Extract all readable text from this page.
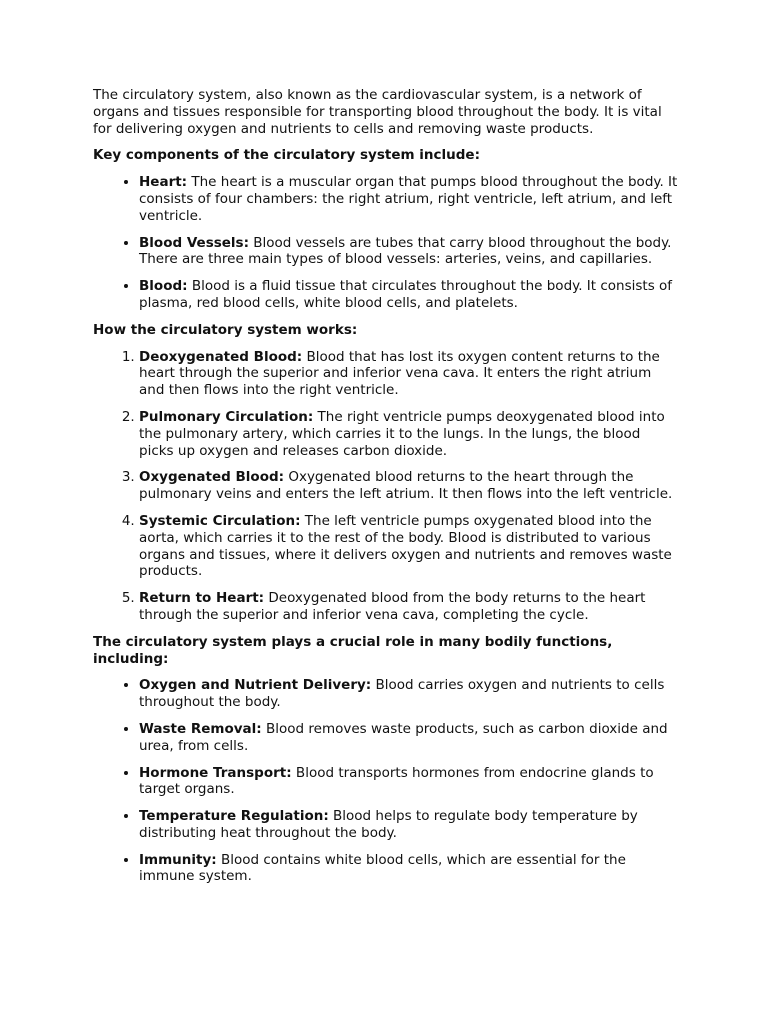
The circulatory system, also known as the cardiovascular system, is a network of organs and tissues responsible for transporting blood throughout the body. It is vital for delivering oxygen and nutrients to cells and removing waste products.

Key components of the circulatory system include:

• Heart: The heart is a muscular organ that pumps blood throughout the body. It consists of four chambers: the right atrium, right ventricle, left atrium, and left ventricle.
• Blood Vessels: Blood vessels are tubes that carry blood throughout the body. There are three main types of blood vessels: arteries, veins, and capillaries.
• Blood: Blood is a fluid tissue that circulates throughout the body. It consists of plasma, red blood cells, white blood cells, and platelets.

How the circulatory system works:

1. Deoxygenated Blood: Blood that has lost its oxygen content returns to the heart through the superior and inferior vena cava. It enters the right atrium and then flows into the right ventricle.
2. Pulmonary Circulation: The right ventricle pumps deoxygenated blood into the pulmonary artery, which carries it to the lungs. In the lungs, the blood picks up oxygen and releases carbon dioxide.
3. Oxygenated Blood: Oxygenated blood returns to the heart through the pulmonary veins and enters the left atrium. It then flows into the left ventricle.
4. Systemic Circulation: The left ventricle pumps oxygenated blood into the aorta, which carries it to the rest of the body. Blood is distributed to various organs and tissues, where it delivers oxygen and nutrients and removes waste products.
5. Return to Heart: Deoxygenated blood from the body returns to the heart through the superior and inferior vena cava, completing the cycle.

The circulatory system plays a crucial role in many bodily functions, including:

• Oxygen and Nutrient Delivery: Blood carries oxygen and nutrients to cells throughout the body.
• Waste Removal: Blood removes waste products, such as carbon dioxide and urea, from cells.
• Hormone Transport: Blood transports hormones from endocrine glands to target organs.
• Temperature Regulation: Blood helps to regulate body temperature by distributing heat throughout the body.
• Immunity: Blood contains white blood cells, which are essential for the immune system.
